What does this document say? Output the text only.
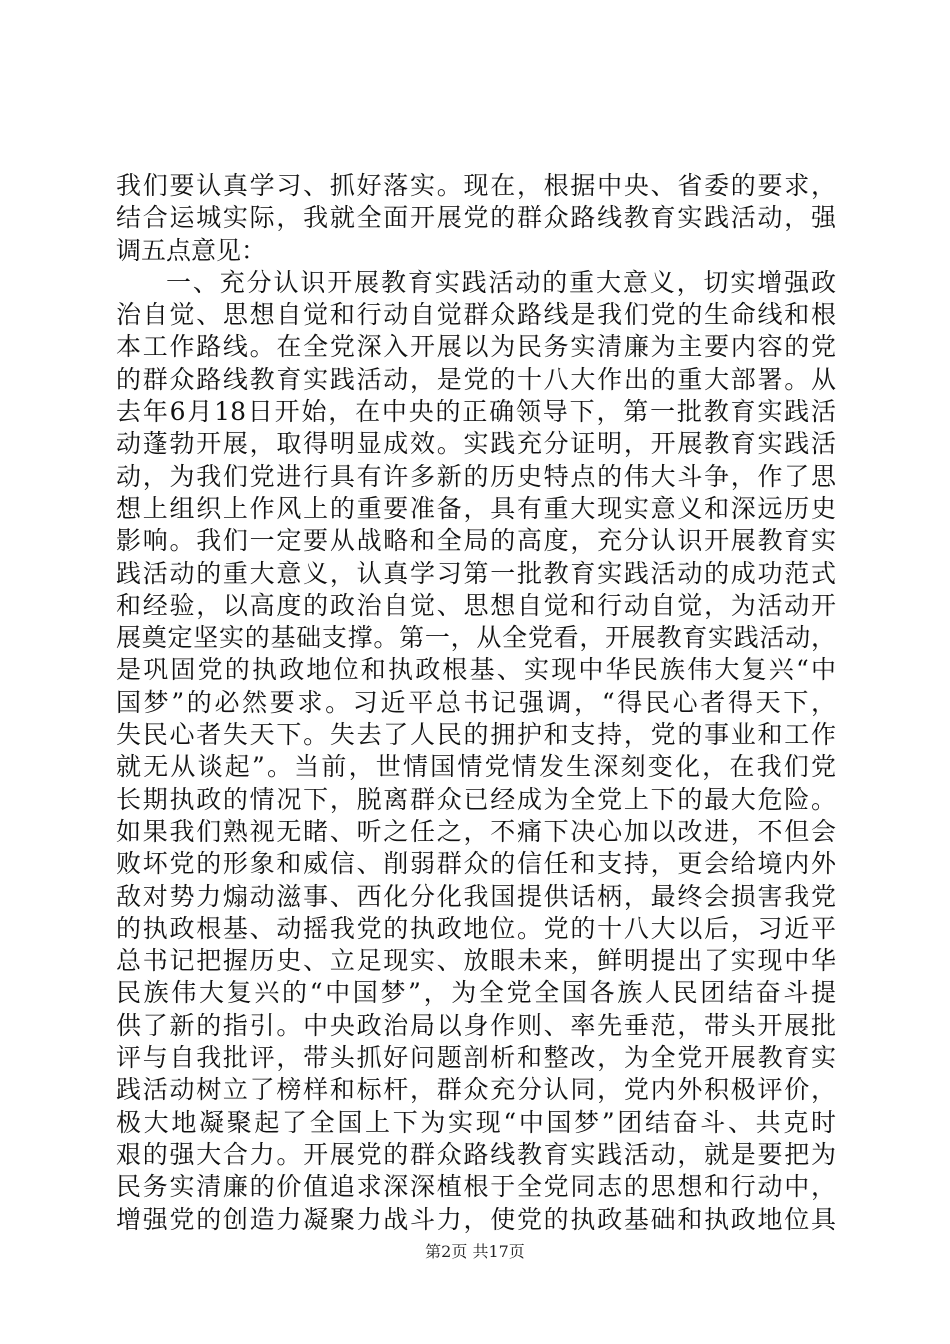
我们要认真学习、抓好落实。现在，根据中央、省委的要求，
结合运城实际，我就全面开展党的群众路线教育实践活动，强
调五点意见：
一、充分认识开展教育实践活动的重大意义，切实增强政
治自觉、思想自觉和行动自觉群众路线是我们党的生命线和根
本工作路线。在全党深入开展以为民务实清廉为主要内容的党
的群众路线教育实践活动，是党的十八大作出的重大部署。从
去年6月18日开始，在中央的正确领导下，第一批教育实践活
动蓬勃开展，取得明显成效。实践充分证明，开展教育实践活
动，为我们党进行具有许多新的历史特点的伟大斗争，作了思
想上组织上作风上的重要准备，具有重大现实意义和深远历史
影响。我们一定要从战略和全局的高度，充分认识开展教育实
践活动的重大意义，认真学习第一批教育实践活动的成功范式
和经验，以高度的政治自觉、思想自觉和行动自觉，为活动开
展奠定坚实的基础支撑。第一，从全党看，开展教育实践活动，
是巩固党的执政地位和执政根基、实现中华民族伟大复兴“中
国梦”的必然要求。习近平总书记强调，“得民心者得天下，
失民心者失天下。失去了人民的拥护和支持，党的事业和工作
就无从谈起”。当前，世情国情党情发生深刻变化，在我们党
长期执政的情况下，脱离群众已经成为全党上下的最大危险。
如果我们熟视无睹、听之任之，不痛下决心加以改进，不但会
败坏党的形象和威信、削弱群众的信任和支持，更会给境内外
敌对势力煽动滋事、西化分化我国提供话柄，最终会损害我党
的执政根基、动摇我党的执政地位。党的十八大以后，习近平
总书记把握历史、立足现实、放眼未来，鲜明提出了实现中华
民族伟大复兴的“中国梦”，为全党全国各族人民团结奋斗提
供了新的指引。中央政治局以身作则、率先垂范，带头开展批
评与自我批评，带头抓好问题剖析和整改，为全党开展教育实
践活动树立了榜样和标杆，群众充分认同，党内外积极评价，
极大地凝聚起了全国上下为实现“中国梦”团结奋斗、共克时
艰的强大合力。开展党的群众路线教育实践活动，就是要把为
民务实清廉的价值追求深深植根于全党同志的思想和行动中，
增强党的创造力凝聚力战斗力，使党的执政基础和执政地位具
第2页 共17页
